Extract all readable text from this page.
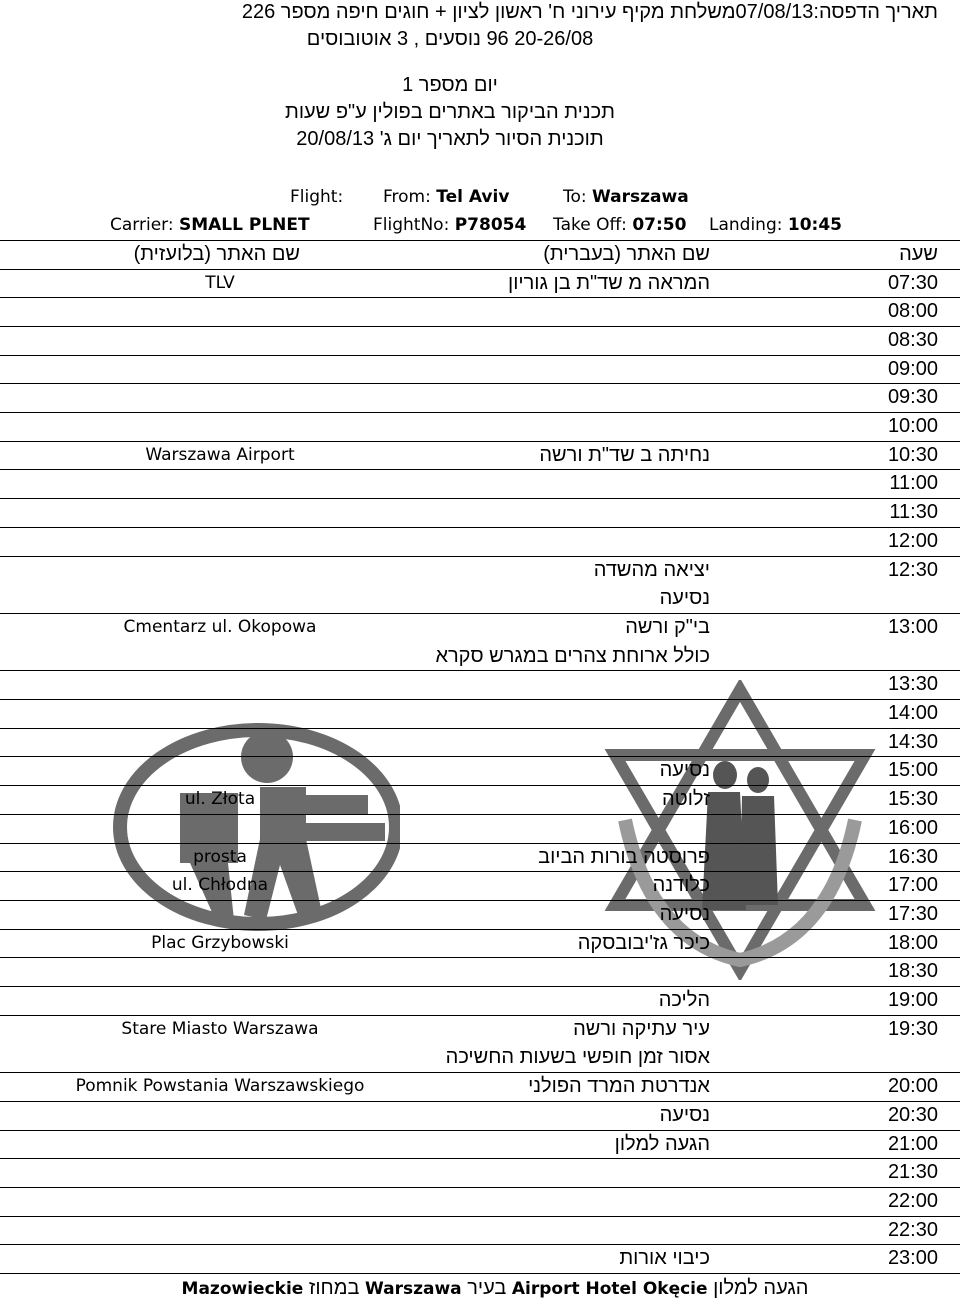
תאריך הדפסה:07/08/13משלחת מקיף עירוני ח' ראשון לציון + חוגים חיפה מספר 226
20-26/08 96 נוסעים , 3 אוטובוסים
יום מספר 1
תכנית הביקור באתרים בפולין ע"פ שעות
תוכנית הסיור לתאריך יום ג' 20/08/13
Flight: From: Tel Aviv	To: Warszawa
Carrier: SMALL PLNET	FlightNo: P78054 Take Off: 07:50 Landing: 10:45
שעה
שם האתר (בעברית)
שם האתר (בלועזית)
07:30
המראה מ שד"ת בן גוריון
TLV
08:00
08:30
09:00
09:30
10:00
10:30
נחיתה ב שד"ת ורשה
Warszawa Airport
11:00
11:30
12:00
12:30
יציאה מהשדה
נסיעה
13:00
בי"ק ורשה
Cmentarz ul. Okopowa
כולל ארוחת צהרים במגרש סקרא
13:30
14:00
14:30
15:00
נסיעה
15:30
זלוטה
ul. Złota
16:00
16:30
פרוסטה בורות הביוב
prosta
17:00
כלודנה
ul. Chłodna
17:30
נסיעה
18:00
כיכר גז'יבובסקה
Plac Grzybowski
18:30
19:00
הליכה
19:30
עיר עתיקה ורשה
Stare Miasto Warszawa
אסור זמן חופשי בשעות החשיכה
20:00
אנדרטת המרד הפולני
Pomnik Powstania Warszawskiego
20:30
נסיעה
21:00
הגעה למלון
21:30
22:00
22:30
23:00
כיבוי אורות
הגעה למלון Airport Hotel Okęcie בעיר Warszawa במחוז Mazowieckie
